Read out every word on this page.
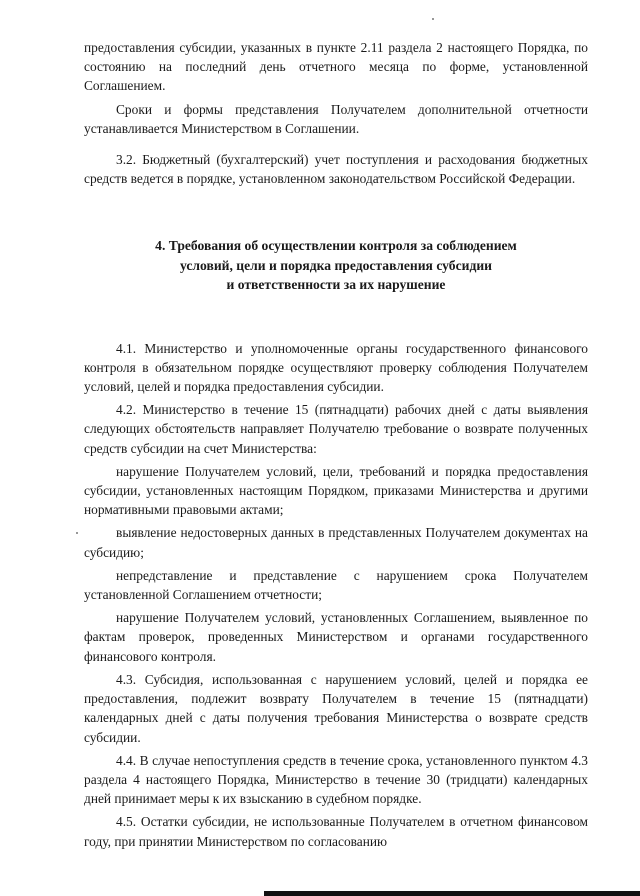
предоставления субсидии, указанных в пункте 2.11 раздела 2 настоящего Порядка, по состоянию на последний день отчетного месяца по форме, установленной Соглашением.

Сроки и формы представления Получателем дополнительной отчетности устанавливается Министерством в Соглашении.

3.2. Бюджетный (бухгалтерский) учет поступления и расходования бюджетных средств ведется в порядке, установленном законодательством Российской Федерации.

4. Требования об осуществлении контроля за соблюдением
условий, цели и порядка предоставления субсидии
и ответственности за их нарушение

4.1. Министерство и уполномоченные органы государственного финансового контроля в обязательном порядке осуществляют проверку соблюдения Получателем условий, целей и порядка предоставления субсидии.

4.2. Министерство в течение 15 (пятнадцати) рабочих дней с даты выявления следующих обстоятельств направляет Получателю требование о возврате полученных средств субсидии на счет Министерства:

нарушение Получателем условий, цели, требований и порядка предоставления субсидии, установленных настоящим Порядком, приказами Министерства и другими нормативными правовыми актами;

выявление недостоверных данных в представленных Получателем документах на субсидию;

непредставление и представление с нарушением срока Получателем установленной Соглашением отчетности;

нарушение Получателем условий, установленных Соглашением, выявленное по фактам проверок, проведенных Министерством и органами государственного финансового контроля.

4.3. Субсидия, использованная с нарушением условий, целей и порядка ее предоставления, подлежит возврату Получателем в течение 15 (пятнадцати) календарных дней с даты получения требования Министерства о возврате средств субсидии.

4.4. В случае непоступления средств в течение срока, установленного пунктом 4.3 раздела 4 настоящего Порядка, Министерство в течение 30 (тридцати) календарных дней принимает меры к их взысканию в судебном порядке.

4.5. Остатки субсидии, не использованные Получателем в отчетном финансовом году, при принятии Министерством по согласованию
